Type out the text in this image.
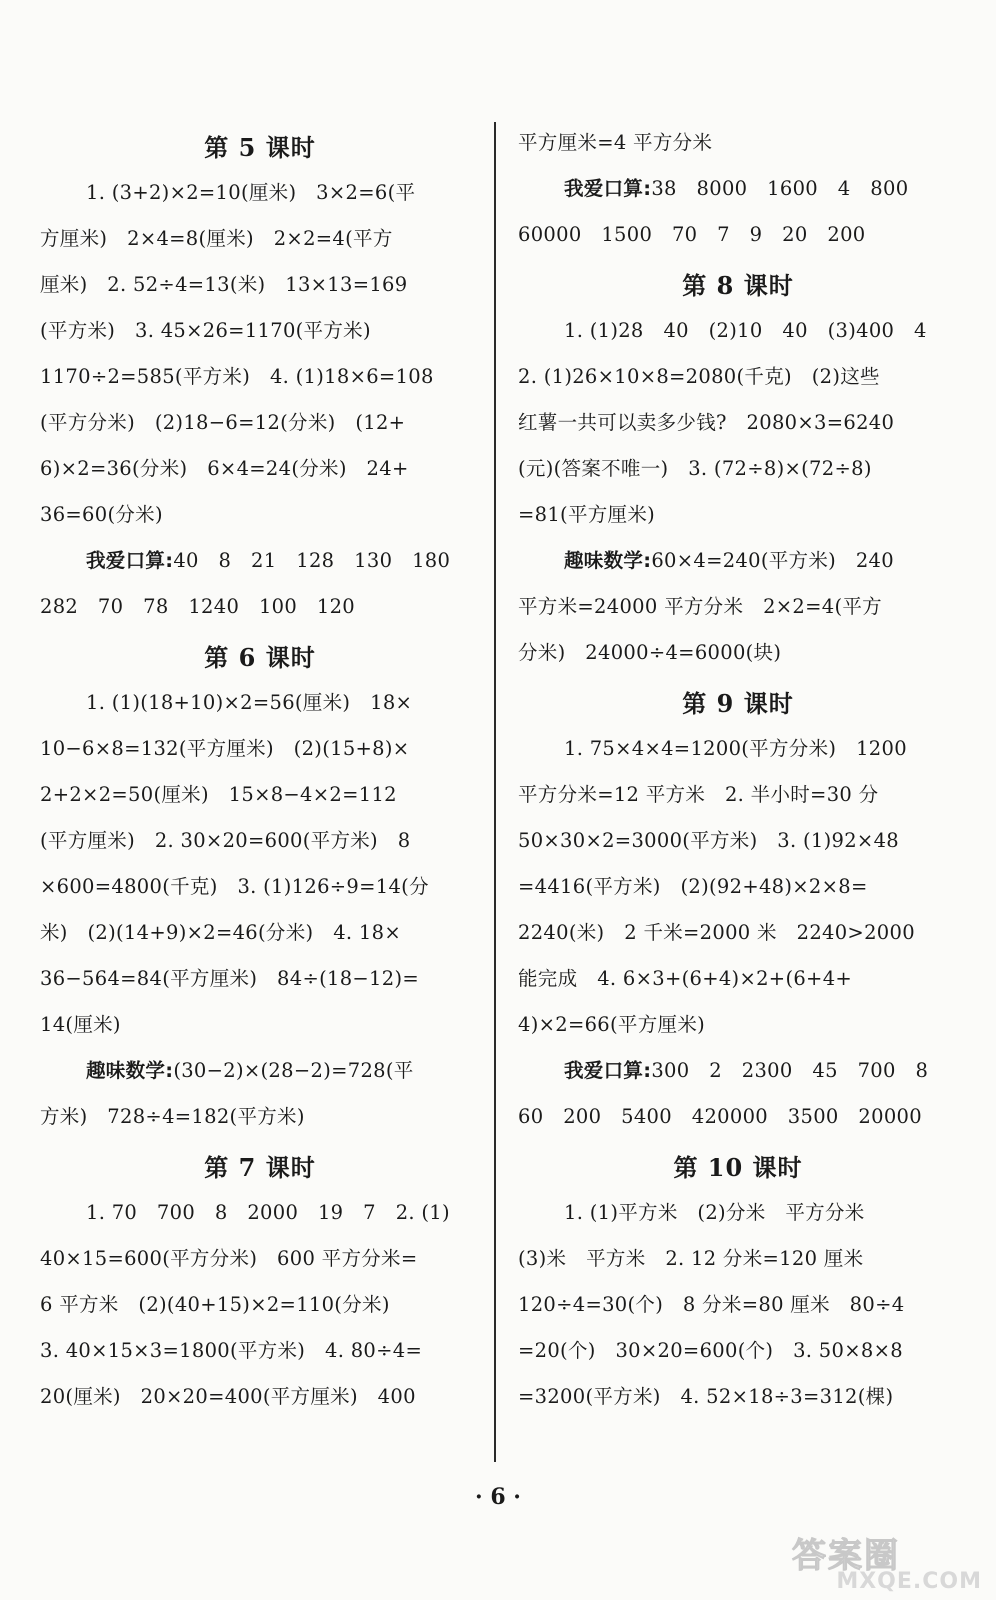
第 5 课时
1. (3+2)×2=10(厘米)　3×2=6(平
方厘米)　2×4=8(厘米)　2×2=4(平方
厘米)　2. 52÷4=13(米)　13×13=169
(平方米)　3. 45×26=1170(平方米)
1170÷2=585(平方米)　4. (1)18×6=108
(平方分米)　(2)18−6=12(分米)　(12+
6)×2=36(分米)　6×4=24(分米)　24+
36=60(分米)
我爱口算:40　8　21　128　130　180
282　70　78　1240　100　120
第 6 课时
1. (1)(18+10)×2=56(厘米)　18×
10−6×8=132(平方厘米)　(2)(15+8)×
2+2×2=50(厘米)　15×8−4×2=112
(平方厘米)　2. 30×20=600(平方米)　8
×600=4800(千克)　3. (1)126÷9=14(分
米)　(2)(14+9)×2=46(分米)　4. 18×
36−564=84(平方厘米)　84÷(18−12)=
14(厘米)
趣味数学:(30−2)×(28−2)=728(平
方米)　728÷4=182(平方米)
第 7 课时
1. 70　700　8　2000　19　7　2. (1)
40×15=600(平方分米)　600 平方分米=
6 平方米　(2)(40+15)×2=110(分米)
3. 40×15×3=1800(平方米)　4. 80÷4=
20(厘米)　20×20=400(平方厘米)　400
平方厘米=4 平方分米
我爱口算:38　8000　1600　4　800
60000　1500　70　7　9　20　200
第 8 课时
1. (1)28　40　(2)10　40　(3)400　4
2. (1)26×10×8=2080(千克)　(2)这些
红薯一共可以卖多少钱?　2080×3=6240
(元)(答案不唯一)　3. (72÷8)×(72÷8)
=81(平方厘米)
趣味数学:60×4=240(平方米)　240
平方米=24000 平方分米　2×2=4(平方
分米)　24000÷4=6000(块)
第 9 课时
1. 75×4×4=1200(平方分米)　1200
平方分米=12 平方米　2. 半小时=30 分
50×30×2=3000(平方米)　3. (1)92×48
=4416(平方米)　(2)(92+48)×2×8=
2240(米)　2 千米=2000 米　2240>2000
能完成　4. 6×3+(6+4)×2+(6+4+
4)×2=66(平方厘米)
我爱口算:300　2　2300　45　700　8
60　200　5400　420000　3500　20000
第 10 课时
1. (1)平方米　(2)分米　平方分米
(3)米　平方米　2. 12 分米=120 厘米
120÷4=30(个)　8 分米=80 厘米　80÷4
=20(个)　30×20=600(个)　3. 50×8×8
=3200(平方米)　4. 52×18÷3=312(棵)
· 6 ·
答案圈
MXQE.COM
